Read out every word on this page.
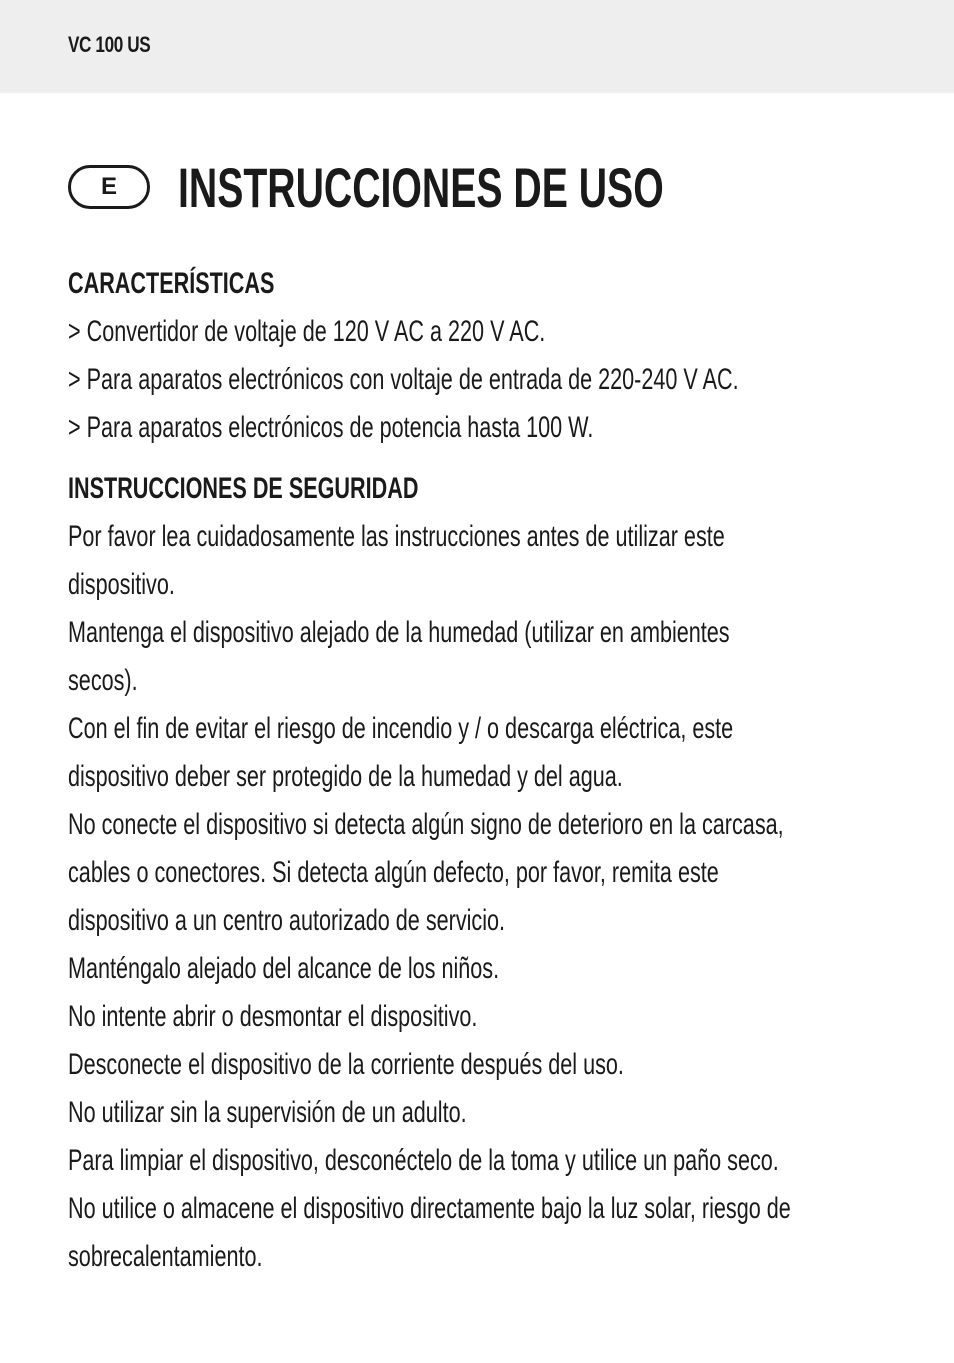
VC 100 US
E	INSTRUCCIONES DE USO
CARACTERÍSTICAS
> Convertidor de voltaje de 120 V AC a 220 V AC.
> Para aparatos electrónicos con voltaje de entrada de 220-240 V AC.
> Para aparatos electrónicos de potencia hasta 100 W.
INSTRUCCIONES DE SEGURIDAD
Por favor lea cuidadosamente las instrucciones antes de utilizar este
dispositivo.
Mantenga el dispositivo alejado de la humedad (utilizar en ambientes
secos).
Con el fin de evitar el riesgo de incendio y / o descarga eléctrica, este
dispositivo deber ser protegido de la humedad y del agua.
No conecte el dispositivo si detecta algún signo de deterioro en la carcasa,
cables o conectores. Si detecta algún defecto, por favor, remita este
dispositivo a un centro autorizado de servicio.
Manténgalo alejado del alcance de los niños.
No intente abrir o desmontar el dispositivo.
Desconecte el dispositivo de la corriente después del uso.
No utilizar sin la supervisión de un adulto.
Para limpiar el dispositivo, desconéctelo de la toma y utilice un paño seco.
No utilice o almacene el dispositivo directamente bajo la luz solar, riesgo de
sobrecalentamiento.
